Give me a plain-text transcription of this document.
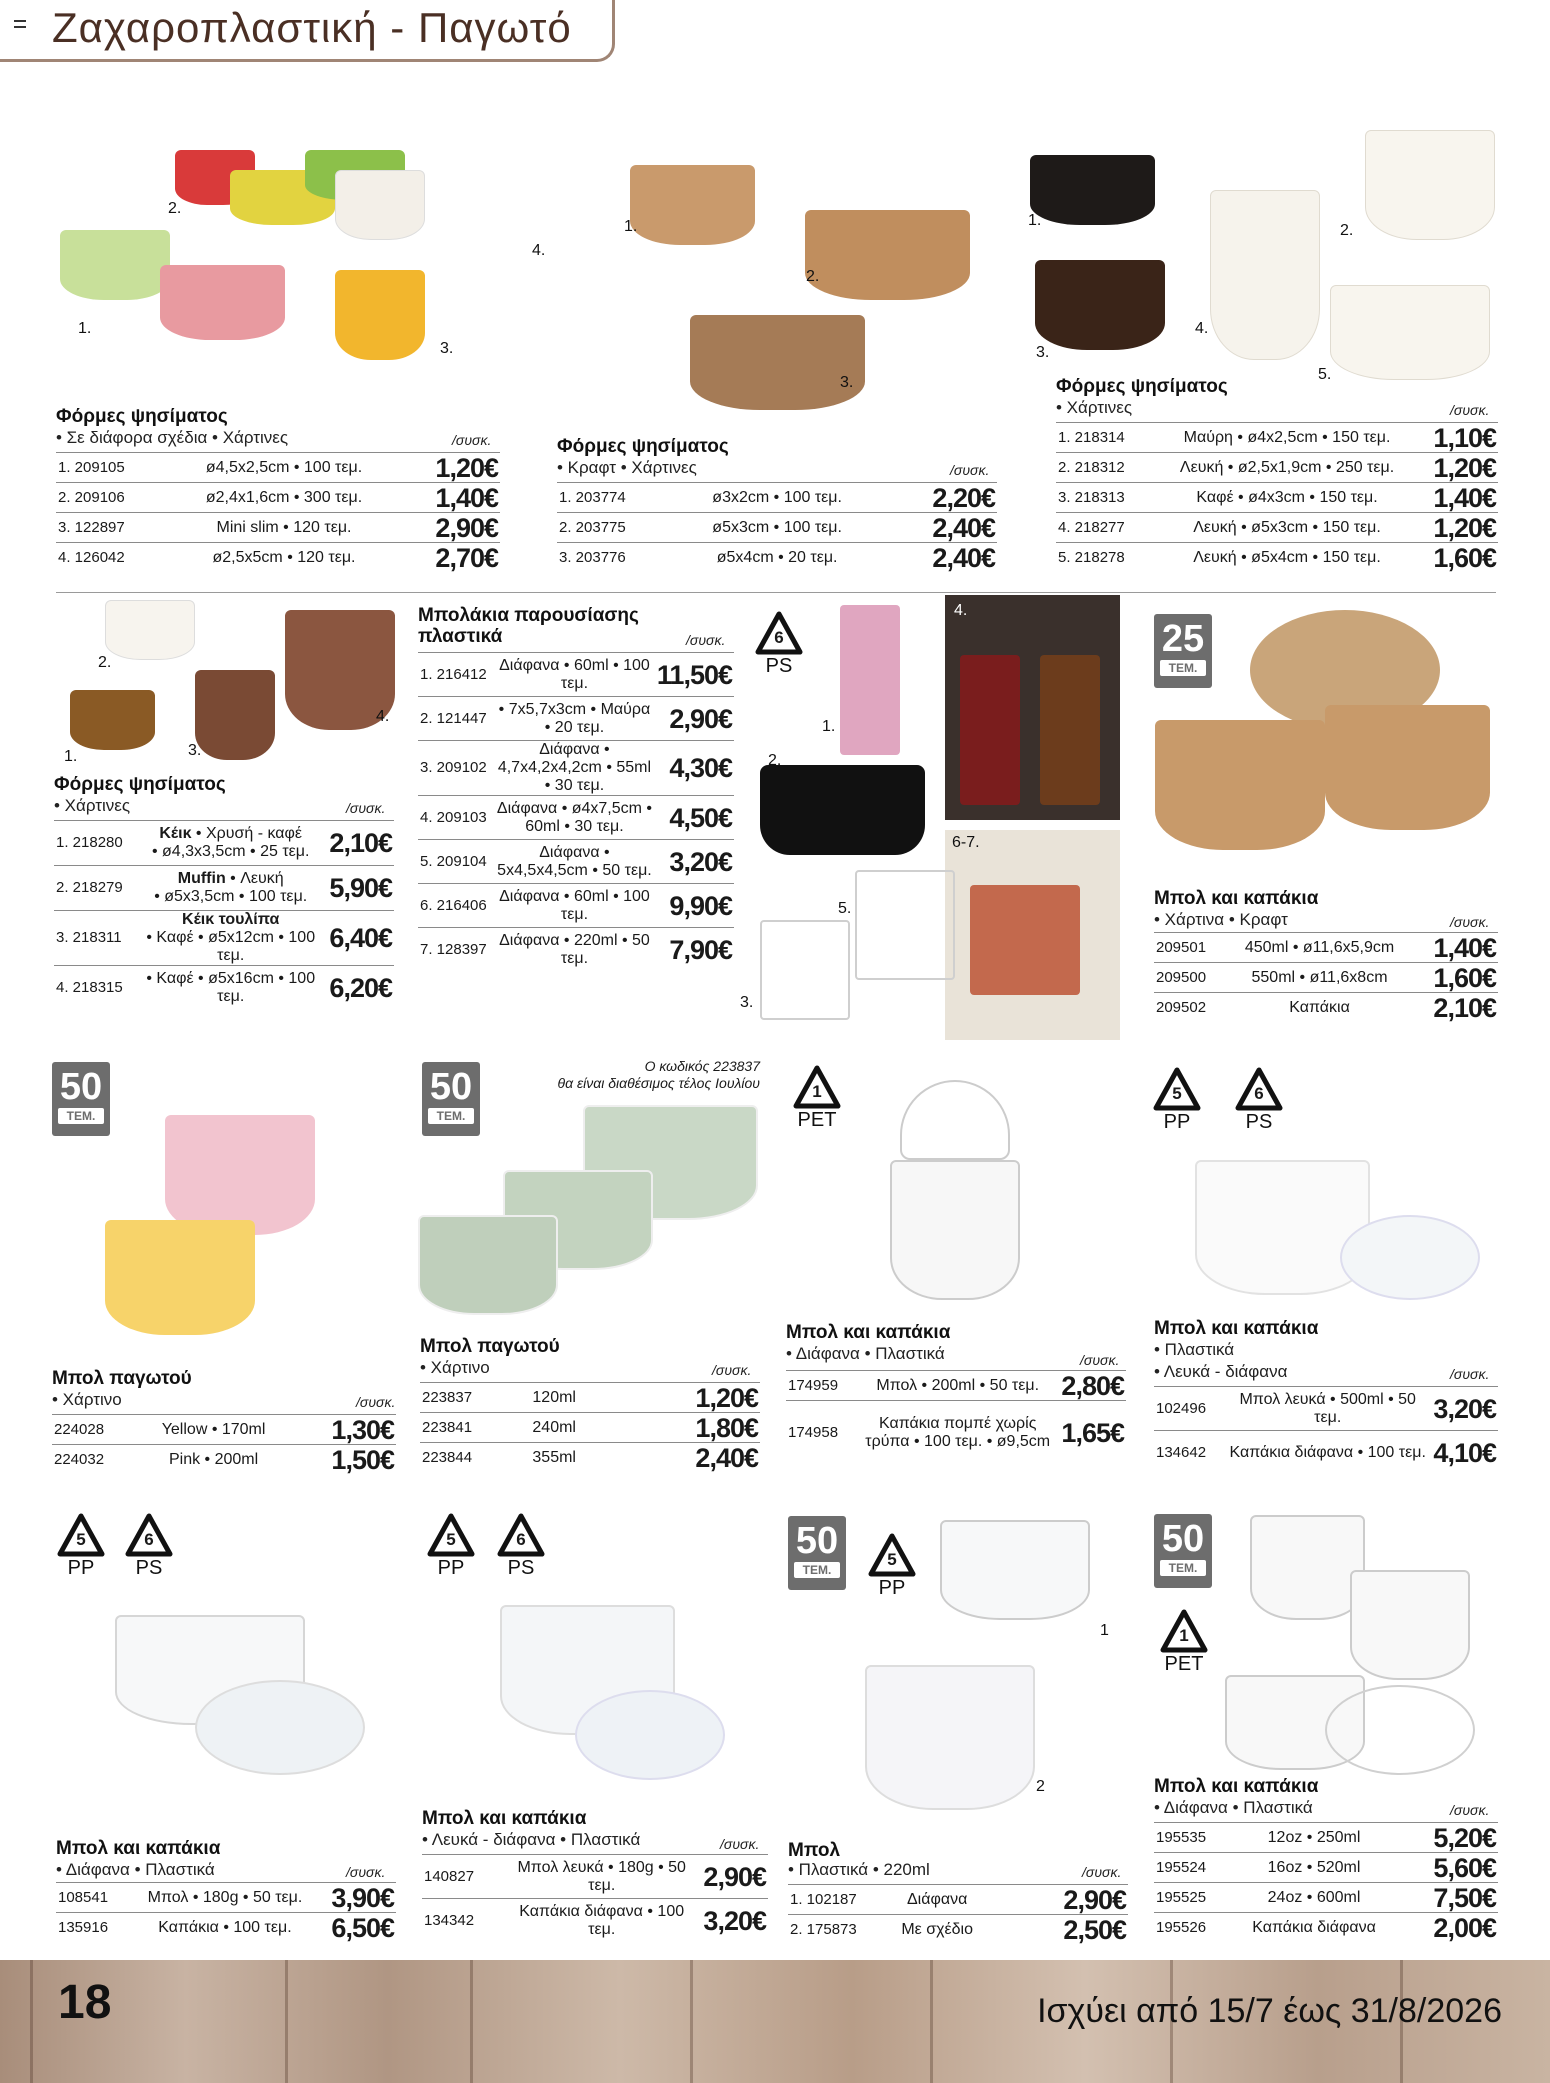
Ζαχαροπλαστική - Παγωτό
1.
2.
3.
4.
1.
2.
3.
1.
2.
3.
4.
5.
Φόρμες ψησίματος
• Σε διάφορα σχέδια • Χάρτινες	/συσκ.
1. 209105	ø4,5x2,5cm • 100 τεμ.	1,20€
2. 209106	ø2,4x1,6cm • 300 τεμ.	1,40€
3. 122897	Mini slim • 120 τεμ.	2,90€
4. 126042	ø2,5x5cm • 120 τεμ.	2,70€
Φόρμες ψησίματος
• Κραφτ • Χάρτινες	/συσκ.
1. 203774	ø3x2cm • 100 τεμ.	2,20€
2. 203775	ø5x3cm • 100 τεμ.	2,40€
3. 203776	ø5x4cm • 20 τεμ.	2,40€
Φόρμες ψησίματος
• Χάρτινες	/συσκ.
1. 218314	Μαύρη • ø4x2,5cm • 150 τεμ.	1,10€
2. 218312	Λευκή • ø2,5x1,9cm • 250 τεμ.	1,20€
3. 218313	Καφέ • ø4x3cm • 150 τεμ.	1,40€
4. 218277	Λευκή • ø5x3cm • 150 τεμ.	1,20€
5. 218278	Λευκή • ø5x4cm • 150 τεμ.	1,60€
1.
2.
3.
4.
Φόρμες ψησίματος
• Χάρτινες	/συσκ.
1. 218280	Κέικ • Χρυσή - καφέ
• ø4,3x3,5cm • 25 τεμ.	2,10€
2. 218279	Muffin • Λευκή
• ø5x3,5cm • 100 τεμ.	5,90€
3. 218311	Κέικ τουλίπα
• Καφέ • ø5x12cm • 100 τεμ.	6,40€
4. 218315	• Καφέ • ø5x16cm • 100 τεμ.	6,20€
Μπολάκια παρουσίασης πλαστικά	/συσκ.
1. 216412	Διάφανα • 60ml • 100 τεμ.	11,50€
2. 121447	• 7x5,7x3cm • Μαύρα • 20 τεμ.	2,90€
3. 209102	Διάφανα • 4,7x4,2x4,2cm • 55ml • 30 τεμ.	4,30€
4. 209103	Διάφανα • ø4x7,5cm • 60ml • 30 τεμ.	4,50€
5. 209104	Διάφανα • 5x4,5x4,5cm • 50 τεμ.	3,20€
6. 216406	Διάφανα • 60ml • 100 τεμ.	9,90€
7. 128397	Διάφανα • 220ml • 50 τεμ.	7,90€
6
PS
1.
2.
3.
4.
5.
6-7.
25
ΤΕΜ.
Μπολ και καπάκια
• Χάρτινα • Κραφτ	/συσκ.
209501	450ml • ø11,6x5,9cm	1,40€
209500	550ml • ø11,6x8cm	1,60€
209502	Καπάκια	2,10€
50
ΤΕΜ.
Μπολ παγωτού
• Χάρτινο	/συσκ.
224028	Yellow • 170ml	1,30€
224032	Pink • 200ml	1,50€
50
ΤΕΜ.
Ο κωδικός 223837
θα είναι διαθέσιμος τέλος Ιουλίου
Μπολ παγωτού
• Χάρτινο	/συσκ.
223837	120ml	1,20€
223841	240ml	1,80€
223844	355ml	2,40€
1
PET
Μπολ και καπάκια
• Διάφανα • Πλαστικά	/συσκ.
174959	Μπολ • 200ml • 50 τεμ.	2,80€
174958	Καπάκια πομπέ χωρίς τρύπα • 100 τεμ. • ø9,5cm	1,65€
5
PP
6
PS
Μπολ και καπάκια
• Πλαστικά
• Λευκά - διάφανα	/συσκ.
102496	Μπολ λευκά • 500ml • 50 τεμ.	3,20€
134642	Καπάκια διάφανα • 100 τεμ.	4,10€
5
PP
6
PS
Μπολ και καπάκια
• Διάφανα • Πλαστικά	/συσκ.
108541	Μπολ • 180g • 50 τεμ.	3,90€
135916	Καπάκια • 100 τεμ.	6,50€
5
PP
6
PS
Μπολ και καπάκια
• Λευκά - διάφανα • Πλαστικά	/συσκ.
140827	Μπολ λευκά • 180g • 50 τεμ.	2,90€
134342	Καπάκια διάφανα • 100 τεμ.	3,20€
50
ΤΕΜ.
5
PP
1
2
Μπολ
• Πλαστικά • 220ml	/συσκ.
1. 102187	Διάφανα	2,90€
2. 175873	Με σχέδιο	2,50€
50
ΤΕΜ.
1
PET
Μπολ και καπάκια
• Διάφανα • Πλαστικά	/συσκ.
195535	12oz • 250ml	5,20€
195524	16oz • 520ml	5,60€
195525	24oz • 600ml	7,50€
195526	Καπάκια διάφανα	2,00€
18	Ισχύει από 15/7 έως 31/8/2026
